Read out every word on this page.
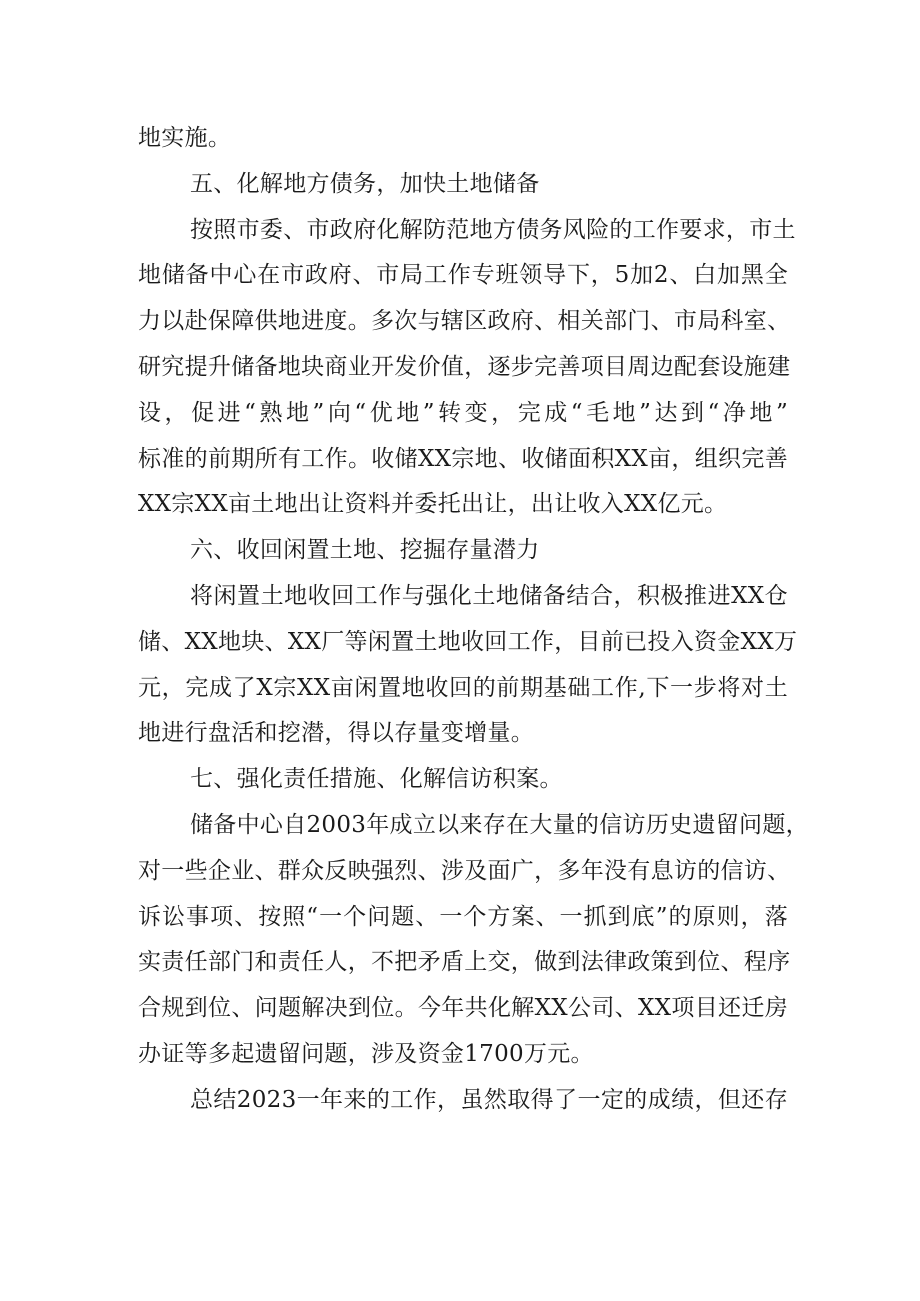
地实施。
五、化解地方债务，加快土地储备
按照市委、市政府化解防范地方债务风险的工作要求，市土
地储备中心在市政府、市局工作专班领导下，5加2、白加黑全
力以赴保障供地进度。多次与辖区政府、相关部门、市局科室、
研究提升储备地块商业开发价值，逐步完善项目周边配套设施建
设，促进“熟地”向“优地”转变，完成“毛地”达到“净地”
标准的前期所有工作。收储XX宗地、收储面积XX亩，组织完善
XX宗XX亩土地出让资料并委托出让，出让收入XX亿元。
六、收回闲置土地、挖掘存量潜力
将闲置土地收回工作与强化土地储备结合，积极推进XX仓
储、XX地块、XX厂等闲置土地收回工作，目前已投入资金XX万
元，完成了X宗XX亩闲置地收回的前期基础工作,下一步将对土
地进行盘活和挖潜，得以存量变增量。
七、强化责任措施、化解信访积案。
储备中心自2003年成立以来存在大量的信访历史遗留问题，
对一些企业、群众反映强烈、涉及面广，多年没有息访的信访、
诉讼事项、按照“一个问题、一个方案、一抓到底”的原则，落
实责任部门和责任人，不把矛盾上交，做到法律政策到位、程序
合规到位、问题解决到位。今年共化解XX公司、XX项目还迁房
办证等多起遗留问题，涉及资金1700万元。
总结2023一年来的工作，虽然取得了一定的成绩，但还存
